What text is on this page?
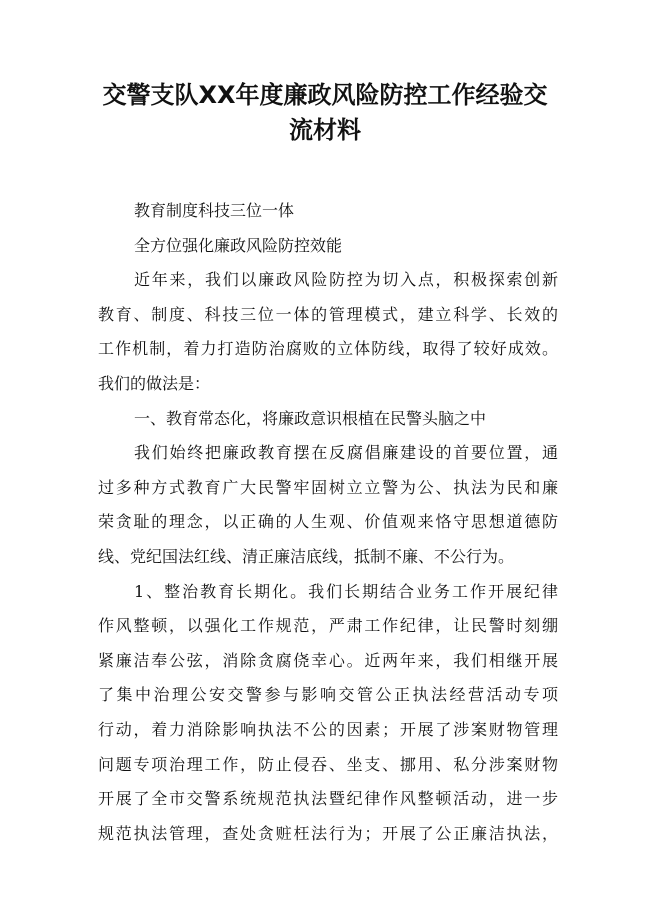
交警支队XX年度廉政风险防控工作经验交
流材料
教育制度科技三位一体
全方位强化廉政风险防控效能
近年来，我们以廉政风险防控为切入点，积极探索创新
教育、制度、科技三位一体的管理模式，建立科学、长效的
工作机制，着力打造防治腐败的立体防线，取得了较好成效。
我们的做法是：
一、教育常态化，将廉政意识根植在民警头脑之中
我们始终把廉政教育摆在反腐倡廉建设的首要位置，通
过多种方式教育广大民警牢固树立立警为公、执法为民和廉
荣贪耻的理念，以正确的人生观、价值观来恪守思想道德防
线、党纪国法红线、清正廉洁底线，抵制不廉、不公行为。
1、整治教育长期化。我们长期结合业务工作开展纪律
作风整顿，以强化工作规范，严肃工作纪律，让民警时刻绷
紧廉洁奉公弦，消除贪腐侥幸心。近两年来，我们相继开展
了集中治理公安交警参与影响交管公正执法经营活动专项
行动，着力消除影响执法不公的因素；开展了涉案财物管理
问题专项治理工作，防止侵吞、坐支、挪用、私分涉案财物
开展了全市交警系统规范执法暨纪律作风整顿活动，进一步
规范执法管理，查处贪赃枉法行为；开展了公正廉洁执法，
